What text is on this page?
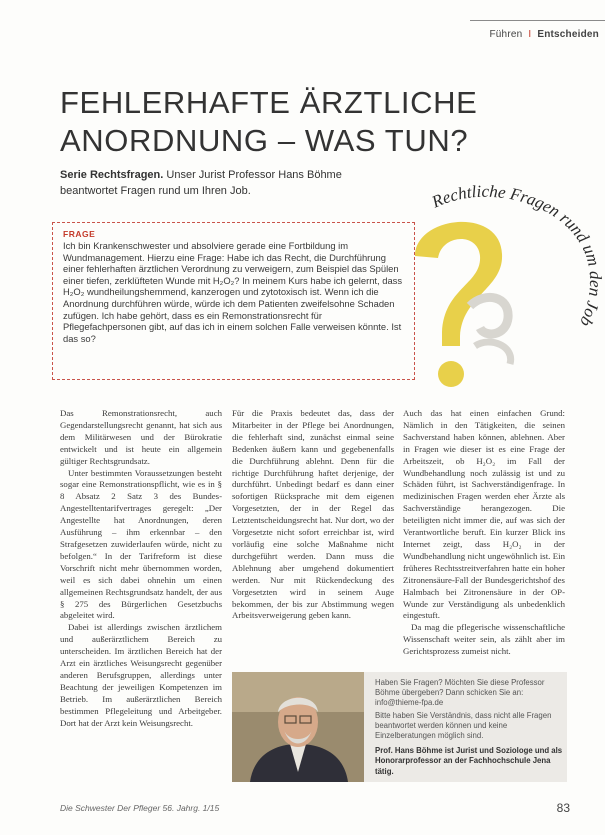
Führen I Entscheiden
FEHLERHAFTE ÄRZTLICHE ANORDNUNG – WAS TUN?
Serie Rechtsfragen. Unser Jurist Professor Hans Böhme beantwortet Fragen rund um Ihren Job.	Rechtliche Fragen rund um den Job
FRAGE
Ich bin Krankenschwester und absolviere gerade eine Fortbildung im Wundmanagement. Hierzu eine Frage: Habe ich das Recht, die Durchführung einer fehlerhaften ärztlichen Verordnung zu verweigern, zum Beispiel das Spülen einer tiefen, zerklüfteten Wunde mit H₂O₂? In meinem Kurs habe ich gelernt, dass H₂O₂ wundheilungshemmend, kanzerogen und zytotoxisch ist. Wenn ich die Anordnung durchführen würde, würde ich dem Patienten zweifelsohne Schaden zufügen. Ich habe gehört, dass es ein Remonstrationsrecht für Pflegefachpersonen gibt, auf das ich in einem solchen Falle verweisen könnte. Ist das so?

Das Remonstrationsrecht, auch Gegendarstellungsrecht genannt, hat sich aus dem Militärwesen und der Bürokratie entwickelt und ist heute ein allgemein gültiger Rechtsgrundsatz.

Unter bestimmten Voraussetzungen besteht sogar eine Remonstrationspflicht, wie es in § 8 Absatz 2 Satz 3 des Bundes-Angestelltentarifvertrages geregelt: „Der Angestellte hat Anordnungen, deren Ausführung – ihm erkennbar – den Strafgesetzen zuwiderlaufen würde, nicht zu befolgen.“ In der Tarifreform ist diese Vorschrift nicht mehr übernommen worden, weil es sich dabei ohnehin um einen allgemeinen Rechtsgrundsatz handelt, der aus § 275 des Bürgerlichen Gesetzbuchs abgeleitet wird.

Dabei ist allerdings zwischen ärztlichem und außerärztlichem Bereich zu unterscheiden. Im ärztlichen Bereich hat der Arzt ein ärztliches Weisungsrecht gegenüber anderen Berufsgruppen, allerdings unter Beachtung der jeweiligen Kompetenzen im Betrieb. Im außerärztlichen Bereich bestimmen Pflegeleitung und Arbeitgeber. Dort hat der Arzt kein Weisungsrecht.

Für die Praxis bedeutet das, dass der Mitarbeiter in der Pflege bei Anordnungen, die fehlerhaft sind, zunächst einmal seine Bedenken äußern kann und gegebenenfalls die Durchführung ablehnt. Denn für die richtige Durchführung haftet derjenige, der durchführt. Unbedingt bedarf es dann einer sofortigen Rücksprache mit dem eigenen Vorgesetzten, der in der Regel das Letztentscheidungsrecht hat. Nur dort, wo der Vorgesetzte nicht sofort erreichbar ist, wird vorläufig eine solche Maßnahme nicht durchgeführt werden. Dann muss die Ablehnung aber umgehend dokumentiert werden. Nur mit Rückendeckung des Vorgesetzten wird in seinem Auge bekommen, der bis zur Abstimmung wegen Arbeitsverweigerung geben kann.

Auch das hat einen einfachen Grund: Nämlich in den Tätigkeiten, die seinen Sachverstand haben können, ablehnen. Aber in Fragen wie dieser ist es eine Frage der Arbeitszeit, ob H₂O₂ im Fall der Wundbehandlung noch zulässig ist und zu Schäden führt, ist Sachverständigenfrage. In medizinischen Fragen werden eher Ärzte als Sachverständige herangezogen. Die beteiligten nicht immer die, auf was sich der Verantwortliche beruft. Ein kurzer Blick ins Internet zeigt, dass H₂O₂ in der Wundbehandlung nicht ungewöhnlich ist. Ein früheres Rechtsstreitverfahren hatte ein hoher Zitronensäure-Fall der Bundesgerichtshof des Halmbach bei Zitronensäure in der OP-Wunde zur Verständigung als unbedenklich eingestuft.

Da mag die pflegerische wissenschaftliche Wissenschaft weiter sein, als zählt aber im Gerichtsprozess zumeist nicht.

Haben Sie Fragen? Möchten Sie diese Professor Böhme übergeben? Dann schicken Sie an: info@thieme-fpa.de
Bitte haben Sie Verständnis, dass nicht alle Fragen beantwortet werden können und keine Einzelberatungen möglich sind.
Prof. Hans Böhme ist Jurist und Soziologe und als Honorarprofessor an der Fachhochschule Jena tätig.
Die Schwester Der Pfleger 56. Jahrg. 1/15	83
